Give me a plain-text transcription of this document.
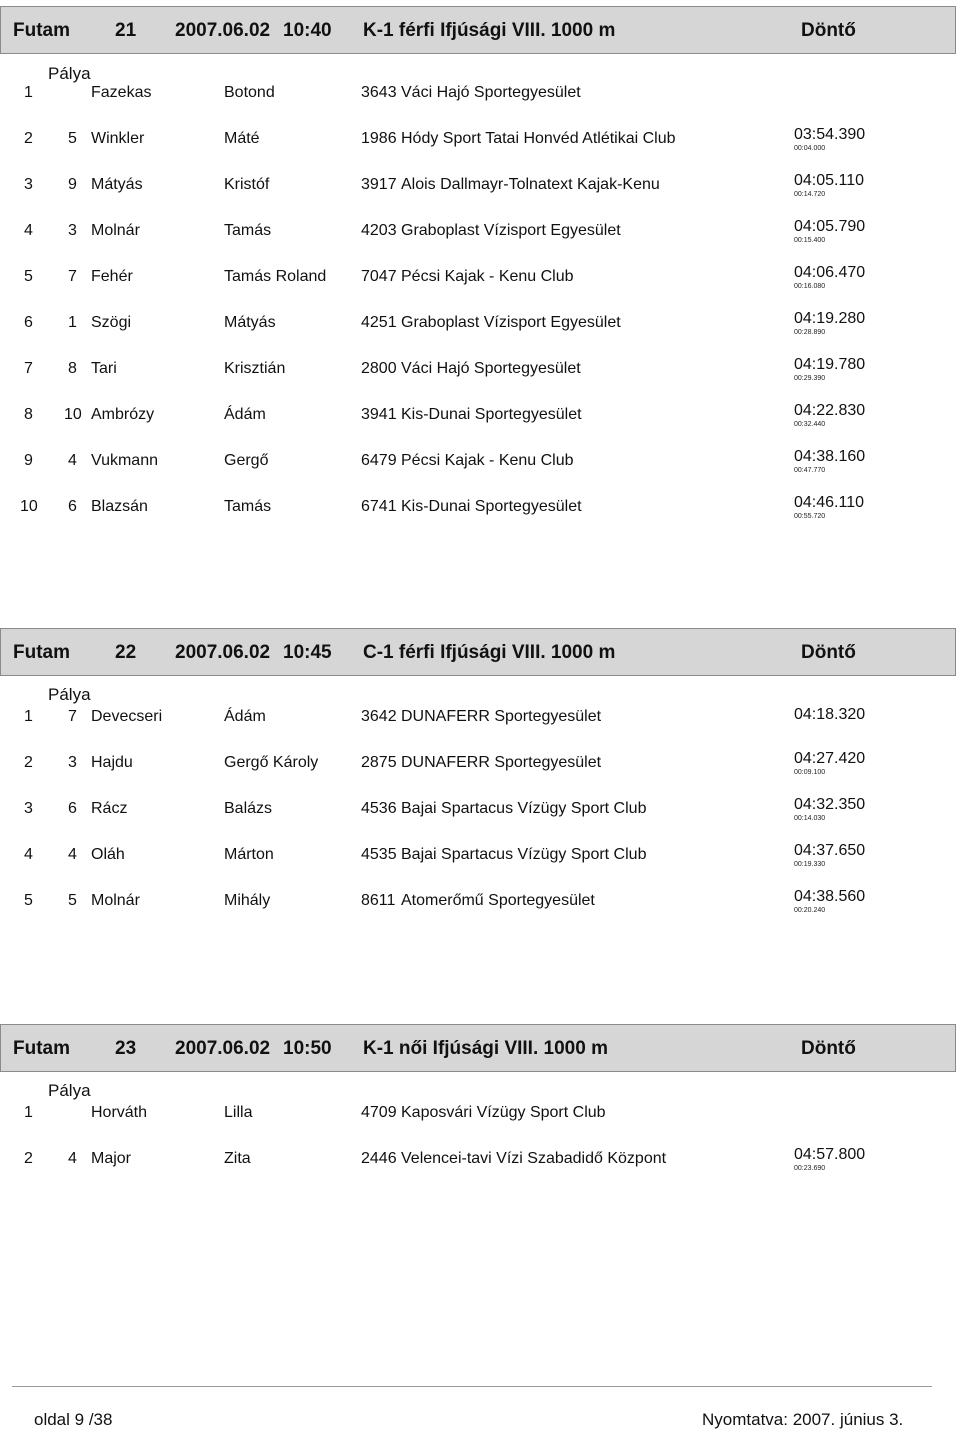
Futam 21 2007.06.02 10:40 K-1 férfi Ifjúsági VIII. 1000 m	Döntő
Pálya
Futam 22 2007.06.02 10:45 C-1 férfi Ifjúsági VIII. 1000 m	Döntő
Pálya
Futam 23 2007.06.02 10:50 K-1 női Ifjúsági VIII. 1000 m	Döntő
Pálya
1	Fazekas	Botond	3643 Váci Hajó Sportegyesület
2 5 Winkler	Máté	1986 Hódy Sport Tatai Honvéd Atlétikai Club	03:54.390
00:04.000
3 9 Mátyás	Kristóf	3917 Alois Dallmayr-Tolnatext Kajak-Kenu	04:05.110
00:14.720
4 3 Molnár	Tamás	4203 Graboplast Vízisport Egyesület	04:05.790
00:15.400
5 7 Fehér	Tamás Roland 7047 Pécsi Kajak - Kenu Club	04:06.470
00:16.080
6 1 Szögi	Mátyás	4251 Graboplast Vízisport Egyesület	04:19.280
00:28.890
7 8 Tari	Krisztián	2800 Váci Hajó Sportegyesület	04:19.780
00:29.390
8 10 Ambrózy	Ádám	3941 Kis-Dunai Sportegyesület	04:22.830
00:32.440
9 4 Vukmann	Gergő	6479 Pécsi Kajak - Kenu Club	04:38.160
00:47.770
10 6 Blazsán	Tamás	6741 Kis-Dunai Sportegyesület	04:46.110
00:55.720
1 7 Devecseri	Ádám	3642 DUNAFERR Sportegyesület	04:18.320
2 3 Hajdu	Gergő Károly	2875 DUNAFERR Sportegyesület	04:27.420
00:09.100
3 6 Rácz	Balázs	4536 Bajai Spartacus Vízügy Sport Club	04:32.350
00:14.030
4 4 Oláh	Márton	4535 Bajai Spartacus Vízügy Sport Club	04:37.650
00:19.330
5 5 Molnár	Mihály	8611 Atomerőmű Sportegyesület	04:38.560
00:20.240
1	Horváth	Lilla	4709 Kaposvári Vízügy Sport Club
2 4 Major	Zita	2446 Velencei-tavi Vízi Szabadidő Központ	04:57.800
00:23.690
oldal 9 /38	Nyomtatva: 2007. június 3.
